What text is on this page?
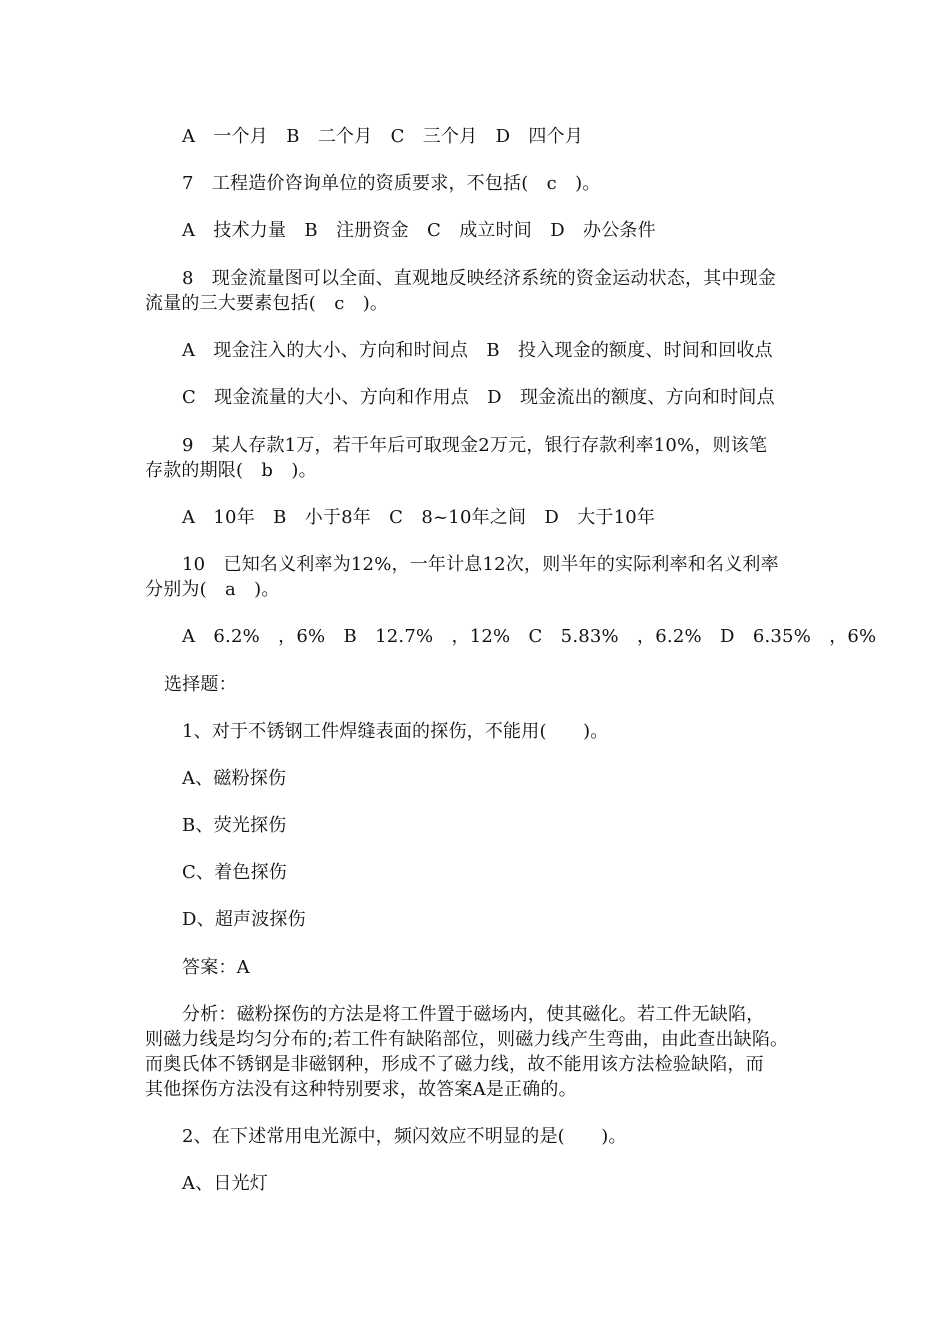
A　一个月　B　二个月　C　三个月　D　四个月
7　工程造价咨询单位的资质要求，不包括(　c　)。
A　技术力量　B　注册资金　C　成立时间　D　办公条件
8　现金流量图可以全面、直观地反映经济系统的资金运动状态，其中现金
流量的三大要素包括(　c　)。
A　现金注入的大小、方向和时间点　B　投入现金的额度、时间和回收点
C　现金流量的大小、方向和作用点　D　现金流出的额度、方向和时间点
9　某人存款1万，若干年后可取现金2万元，银行存款利率10%，则该笔
存款的期限(　b　)。
A　10年　B　小于8年　C　8~10年之间　D　大于10年
10　已知名义利率为12%，一年计息12次，则半年的实际利率和名义利率
分别为(　a　)。
A　6.2%　，6%　B　12.7%　，12%　C　5.83%　，6.2%　D　6.35%　，6%
选择题：
1、对于不锈钢工件焊缝表面的探伤，不能用(　　)。
A、磁粉探伤
B、荧光探伤
C、着色探伤
D、超声波探伤
答案：A
分析：磁粉探伤的方法是将工件置于磁场内，使其磁化。若工件无缺陷，
则磁力线是均匀分布的;若工件有缺陷部位，则磁力线产生弯曲，由此查出缺陷。
而奥氏体不锈钢是非磁钢种，形成不了磁力线，故不能用该方法检验缺陷，而
其他探伤方法没有这种特别要求，故答案A是正确的。
2、在下述常用电光源中，频闪效应不明显的是(　　)。
A、日光灯
